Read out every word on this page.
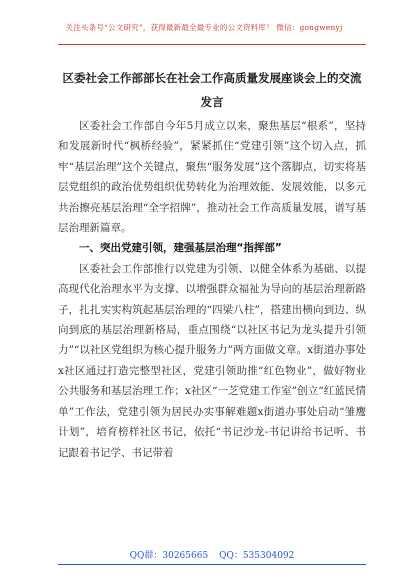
关注头条号“公文研究”，获得最新最全最专业的公文资料库！ 微信：gongwenyj
区委社会工作部部长在社会工作高质量发展座谈会上的交流发言

区委社会工作部自今年5月成立以来，聚焦基层“根系”，坚持和发展新时代“枫桥经验”，紧紧抓住“党建引领”这个切入点，抓牢“基层治理”这个关键点，聚焦“服务发展”这个落脚点，切实将基层党组织的政治优势组织优势转化为治理效能、发展效能，以多元共治擦亮基层治理“全字招牌”，推动社会工作高质量发展，谱写基层治理新篇章。

一、突出党建引领，建强基层治理“指挥部”

区委社会工作部推行以党建为引领、以健全体系为基础、以提高现代化治理水平为支撑、以增强群众福祉为导向的基层治理新路子，扎扎实实构筑起基层治理的“四梁八柱”，搭建出横向到边、纵向到底的基层治理新格局，重点围绕“以社区书记为龙头提升引领力”“以社区党组织为核心提升服务力”两方面做文章。x街道办事处x社区通过打造完整型社区，党建引领助推“红色物业”，做好物业公共服务和基层治理工作；x社区“一芝党建工作室”创立“红蓝民情单”工作法，党建引领为居民办实事解难题x街道办事处启动“雏鹰计划”，培育榜样社区书记，依托“书记沙龙-书记讲给书记听、书记跟着书记学、书记带着

QQ群：30265665 QQ：535304092
